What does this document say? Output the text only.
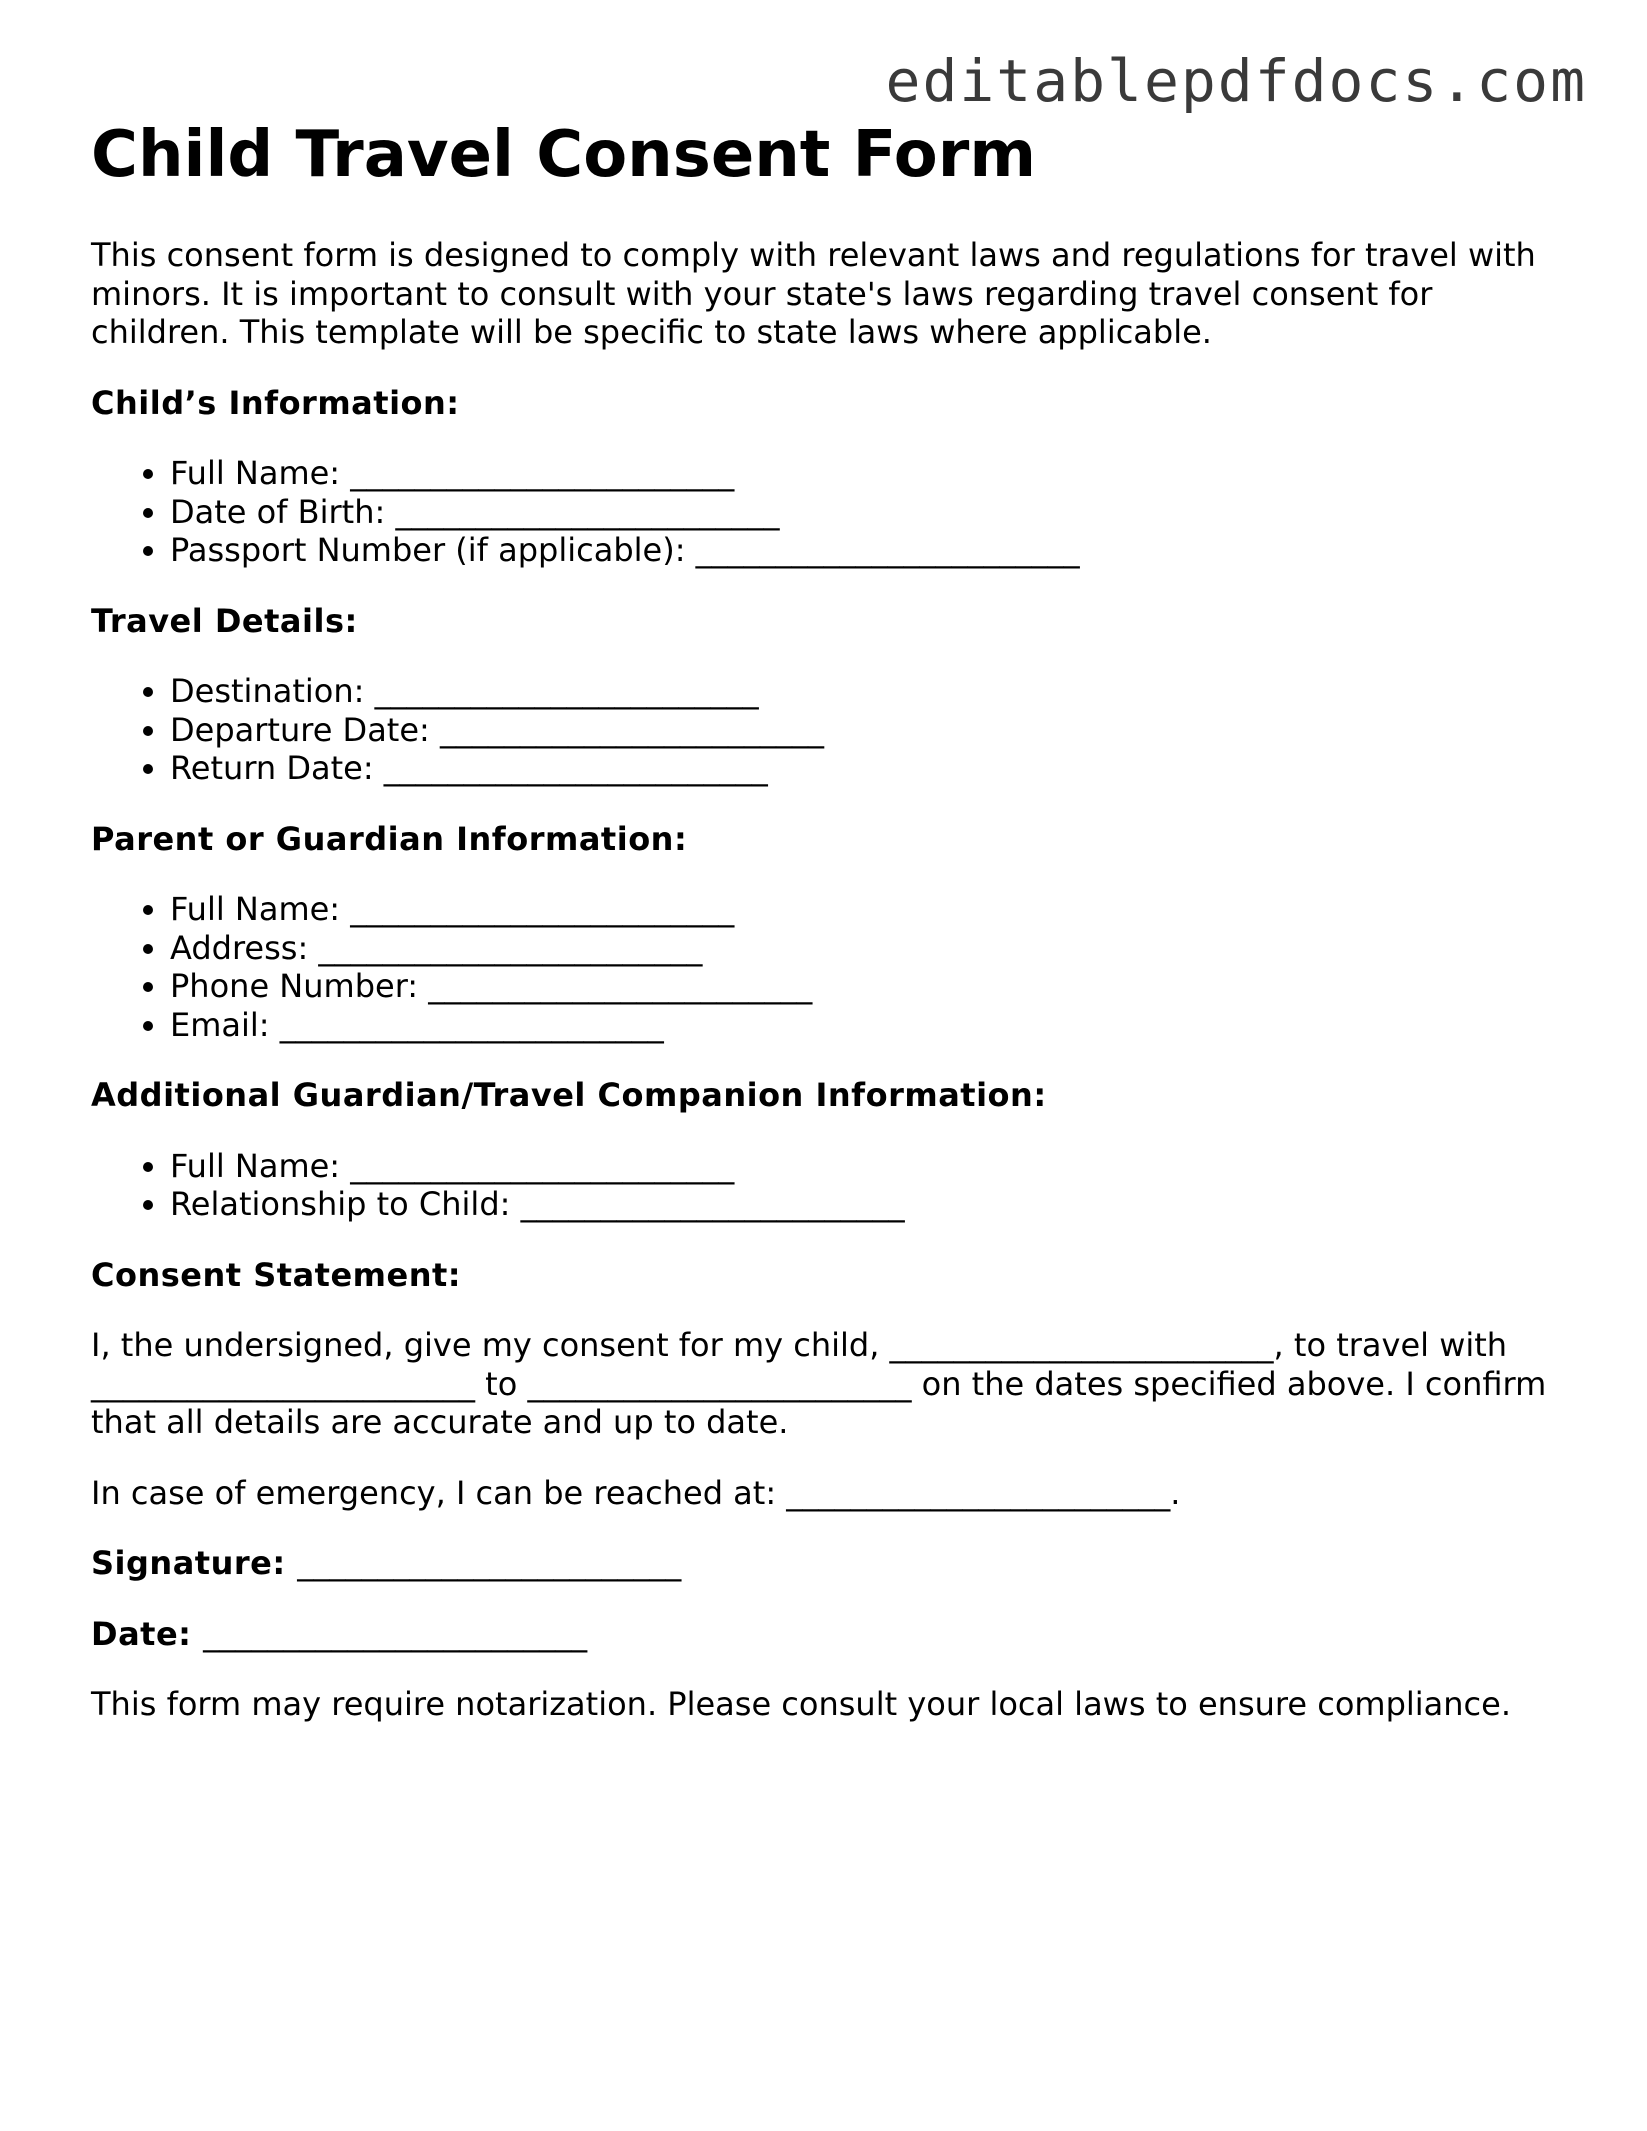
editablepdfdocs.com
Child Travel Consent Form

This consent form is designed to comply with relevant laws and regulations for travel with minors. It is important to consult with your state's laws regarding travel consent for children. This template will be specific to state laws where applicable.

Child’s Information:
• Full Name: ________________________
• Date of Birth: ________________________
• Passport Number (if applicable): ________________________
Travel Details:
• Destination: ________________________
• Departure Date: ________________________
• Return Date: ________________________
Parent or Guardian Information:
• Full Name: ________________________
• Address: ________________________
• Phone Number: ________________________
• Email: ________________________
Additional Guardian/Travel Companion Information:
• Full Name: ________________________
• Relationship to Child: ________________________
Consent Statement:

I, the undersigned, give my consent for my child, ________________________, to travel with ________________________ to ________________________ on the dates specified above. I confirm that all details are accurate and up to date.

In case of emergency, I can be reached at: ________________________.

Signature: ________________________

Date: ________________________

This form may require notarization. Please consult your local laws to ensure compliance.
